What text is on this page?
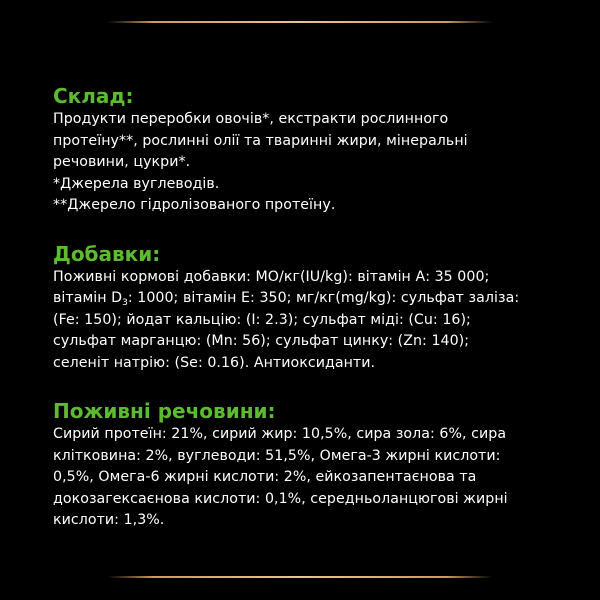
Склад:

Продукти переробки овочів*, екстракти рослинного

протеїну**, рослинні олії та тваринні жири, мінеральні

речовини, цукри*.

*Джерела вуглеводів.

**Джерело гідролізованого протеїну.

Добавки:

Поживні кормові добавки: МО/кг(IU/kg): вітамін А: 35 000;

вітамін $D_3$: 1000; вітамін Е: 350; мг/кг(mg/kg): сульфат заліза:

(Fe: 150); йодат кальцію: (I: 2.3); сульфат міді: (Cu: 16);

сульфат марганцю: (Mn: 56); сульфат цинку: (Zn: 140);

селеніт натрію: (Se: 0.16). Антиоксиданти.

Поживні речовини:

Сирий протеїн: 21%, сирий жир: 10,5%, сира зола: 6%, сира

клітковина: 2%, вуглеводи: 51,5%, Омега-3 жирні кислоти:

0,5%, Омега-6 жирні кислоти: 2%, ейкозапентаєнова та

докозагексаєнова кислоти: 0,1%, середньоланцюгові жирні

кислоти: 1,3%.
